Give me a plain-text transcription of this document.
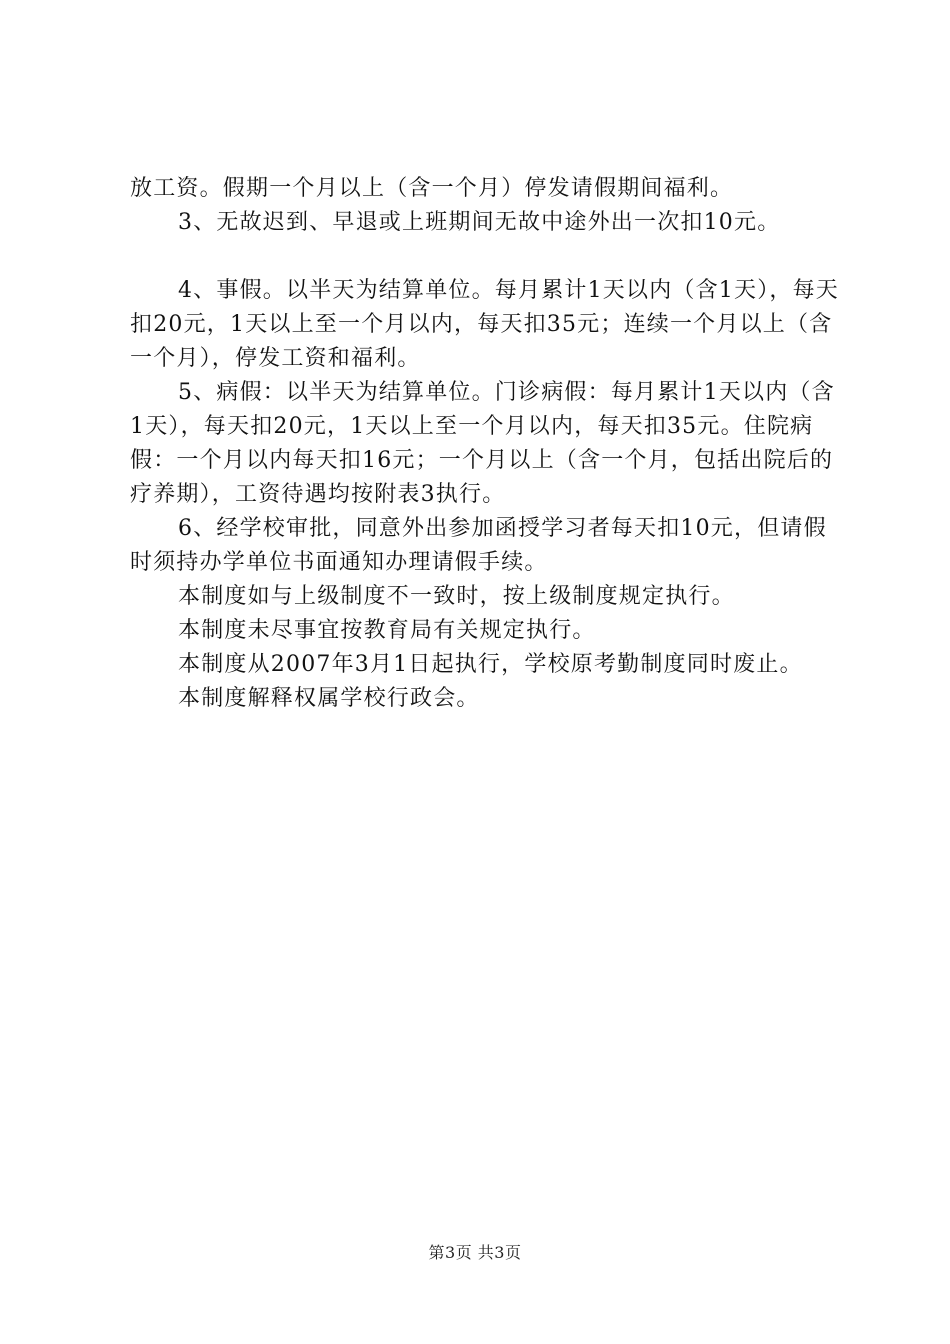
放工资。假期一个月以上（含一个月）停发请假期间福利。

3、无故迟到、早退或上班期间无故中途外出一次扣10元。

4、事假。以半天为结算单位。每月累计1天以内（含1天），每天扣20元，1天以上至一个月以内，每天扣35元；连续一个月以上（含一个月），停发工资和福利。

5、病假：以半天为结算单位。门诊病假：每月累计1天以内（含1天），每天扣20元，1天以上至一个月以内，每天扣35元。住院病假：一个月以内每天扣16元；一个月以上（含一个月，包括出院后的疗养期），工资待遇均按附表3执行。

6、经学校审批，同意外出参加函授学习者每天扣10元，但请假时须持办学单位书面通知办理请假手续。

本制度如与上级制度不一致时，按上级制度规定执行。

本制度未尽事宜按教育局有关规定执行。

本制度从2007年3月1日起执行，学校原考勤制度同时废止。

本制度解释权属学校行政会。

第3页 共3页
